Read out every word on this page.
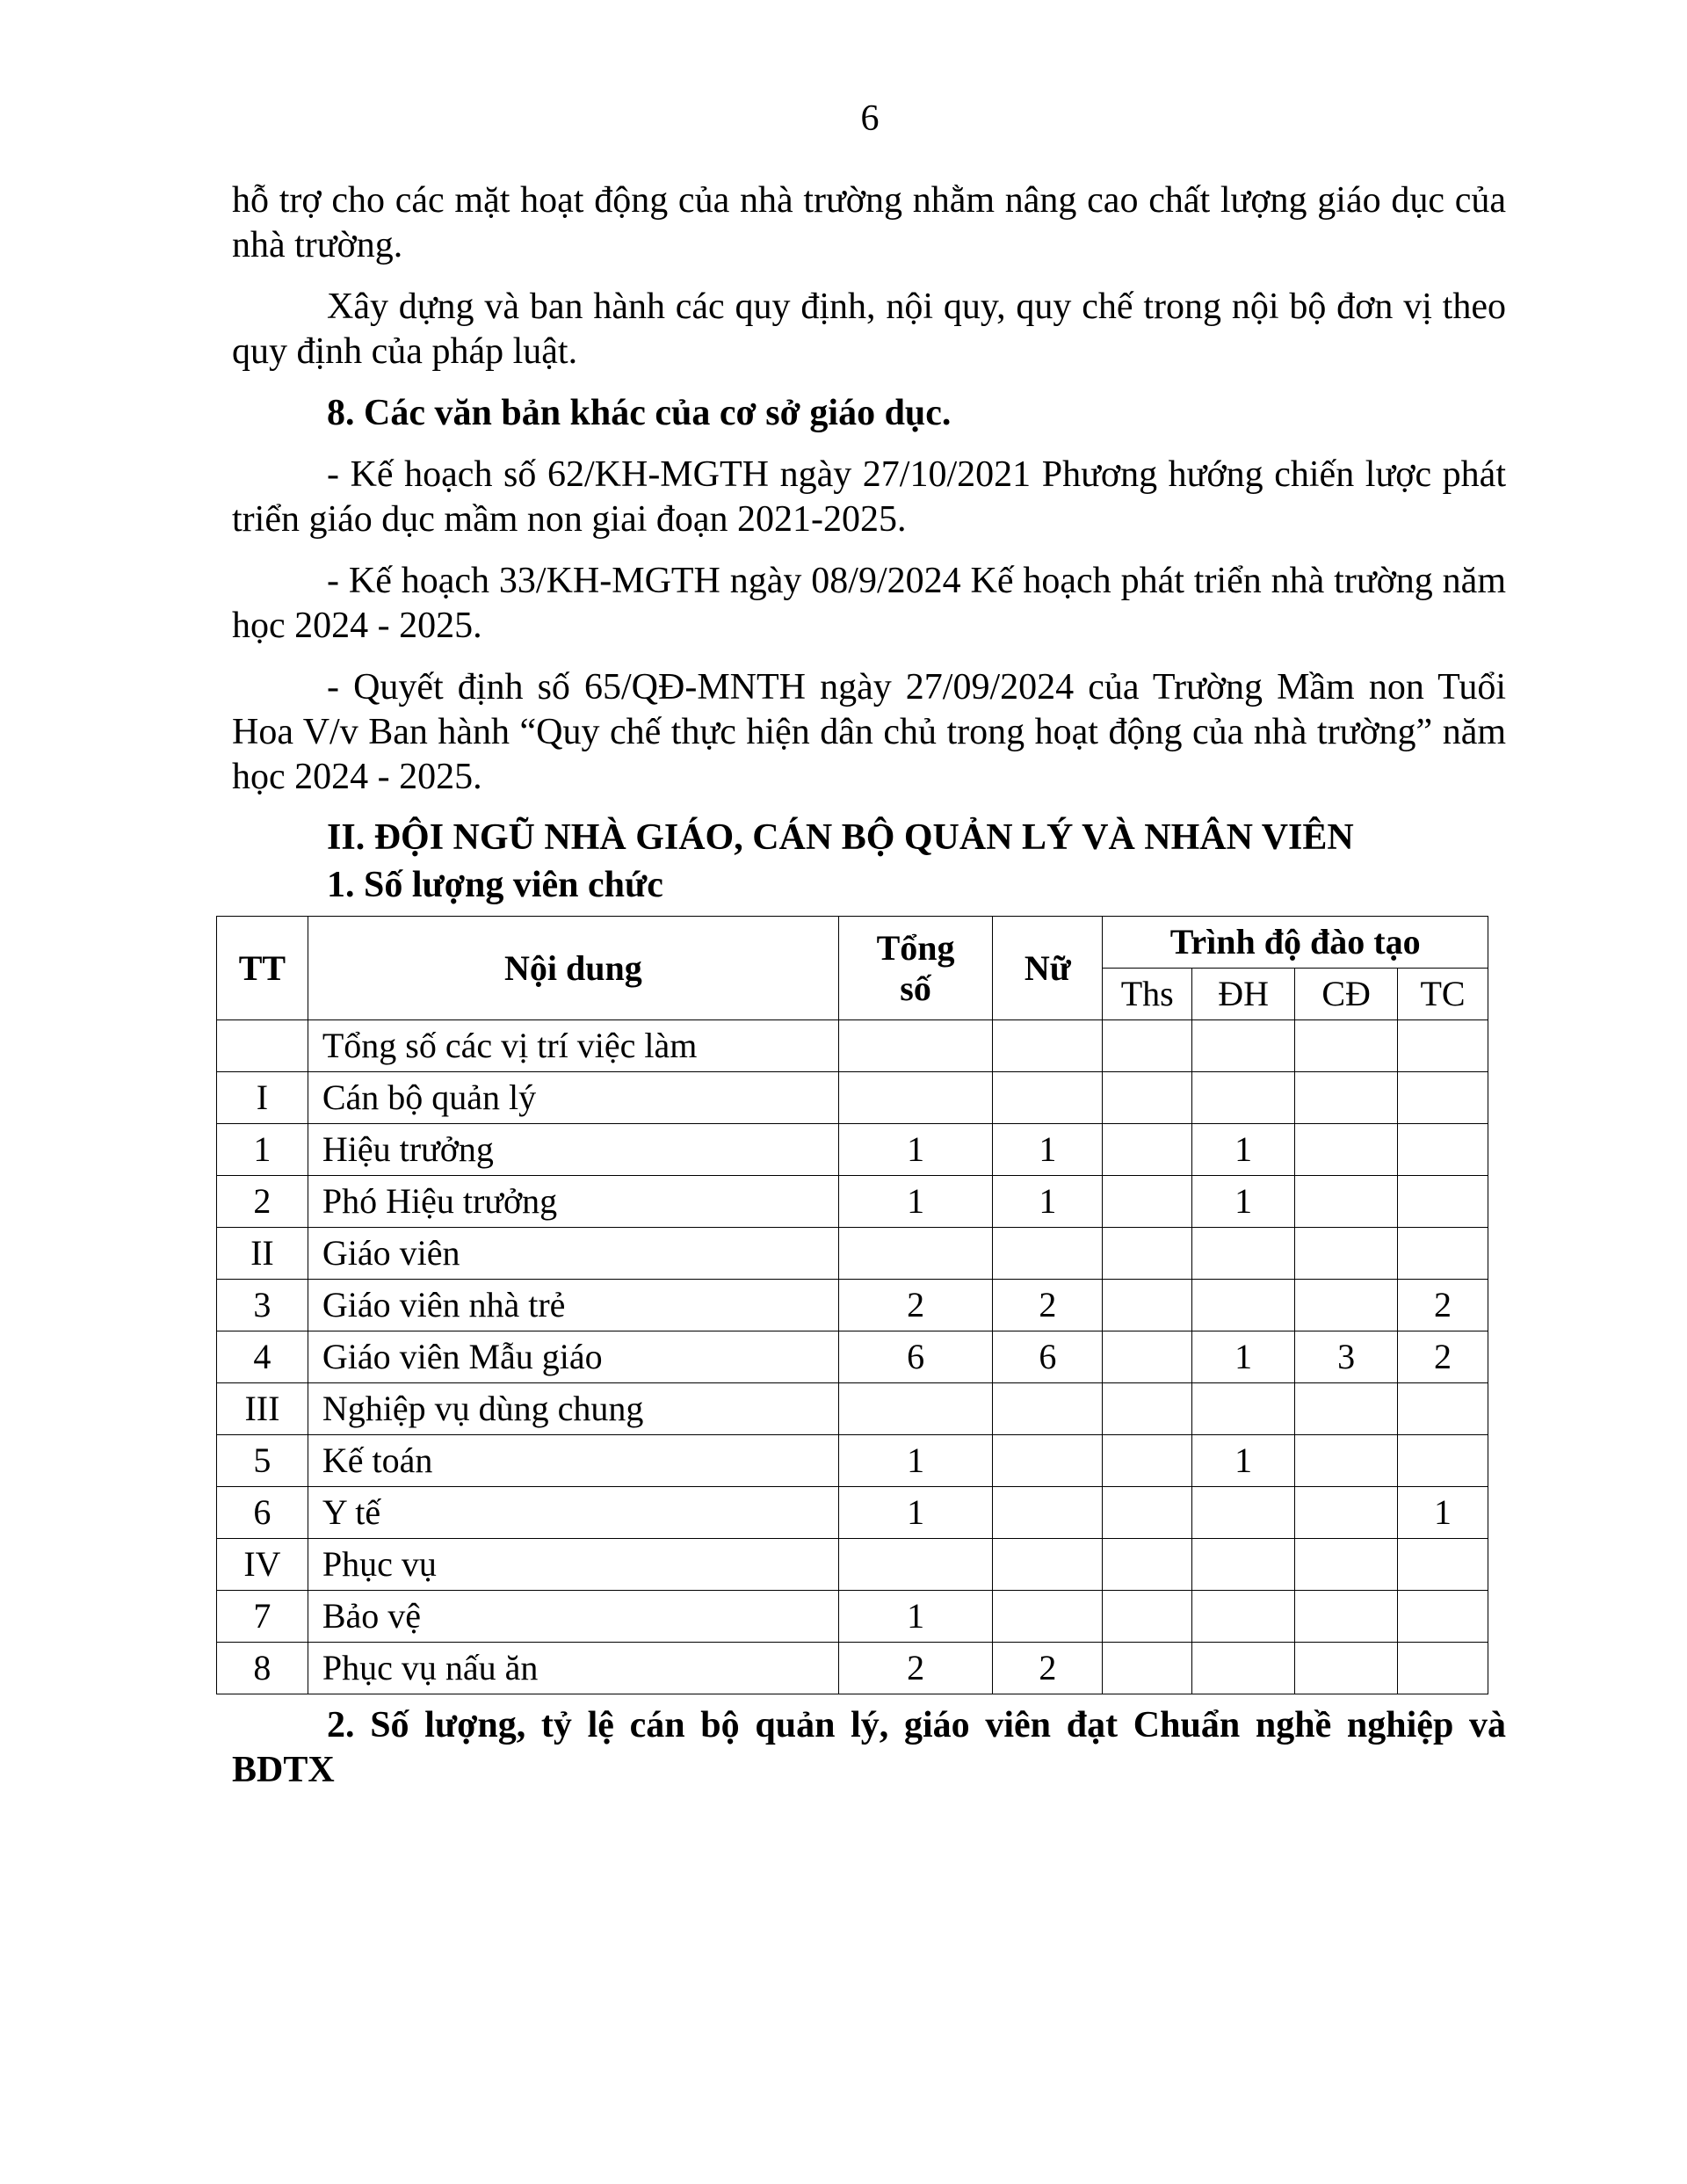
6

hỗ trợ cho các mặt hoạt động của nhà trường nhằm nâng cao chất lượng giáo dục của nhà trường.

Xây dựng và ban hành các quy định, nội quy, quy chế trong nội bộ đơn vị theo quy định của pháp luật.

8. Các văn bản khác của cơ sở giáo dục.

- Kế hoạch số 62/KH-MGTH ngày 27/10/2021 Phương hướng chiến lược phát triển giáo dục mầm non giai đoạn 2021-2025.

- Kế hoạch 33/KH-MGTH ngày 08/9/2024 Kế hoạch phát triển nhà trường năm học 2024 - 2025.

- Quyết định số 65/QĐ-MNTH ngày 27/09/2024 của Trường Mầm non Tuổi Hoa V/v Ban hành “Quy chế thực hiện dân chủ trong hoạt động của nhà trường” năm học 2024 - 2025.

II. ĐỘI NGŨ NHÀ GIÁO, CÁN BỘ QUẢN LÝ VÀ NHÂN VIÊN

1. Số lượng viên chức

TT	Nội dung	Tổng số	Nữ	Trình độ đào tạo			
				Ths	ĐH	CĐ	TC
	Tổng số các vị trí việc làm						
I	Cán bộ quản lý						
1	Hiệu trưởng	1	1		1		
2	Phó Hiệu trưởng	1	1		1		
II	Giáo viên						
3	Giáo viên nhà trẻ	2	2				2
4	Giáo viên Mẫu giáo	6	6		1	3	2
III	Nghiệp vụ dùng chung						
5	Kế toán	1			1		
6	Y tế	1					1
IV	Phục vụ						
7	Bảo vệ	1					
8	Phục vụ nấu ăn	2	2				
2. Số lượng, tỷ lệ cán bộ quản lý, giáo viên đạt Chuẩn nghề nghiệp và
BDTX
